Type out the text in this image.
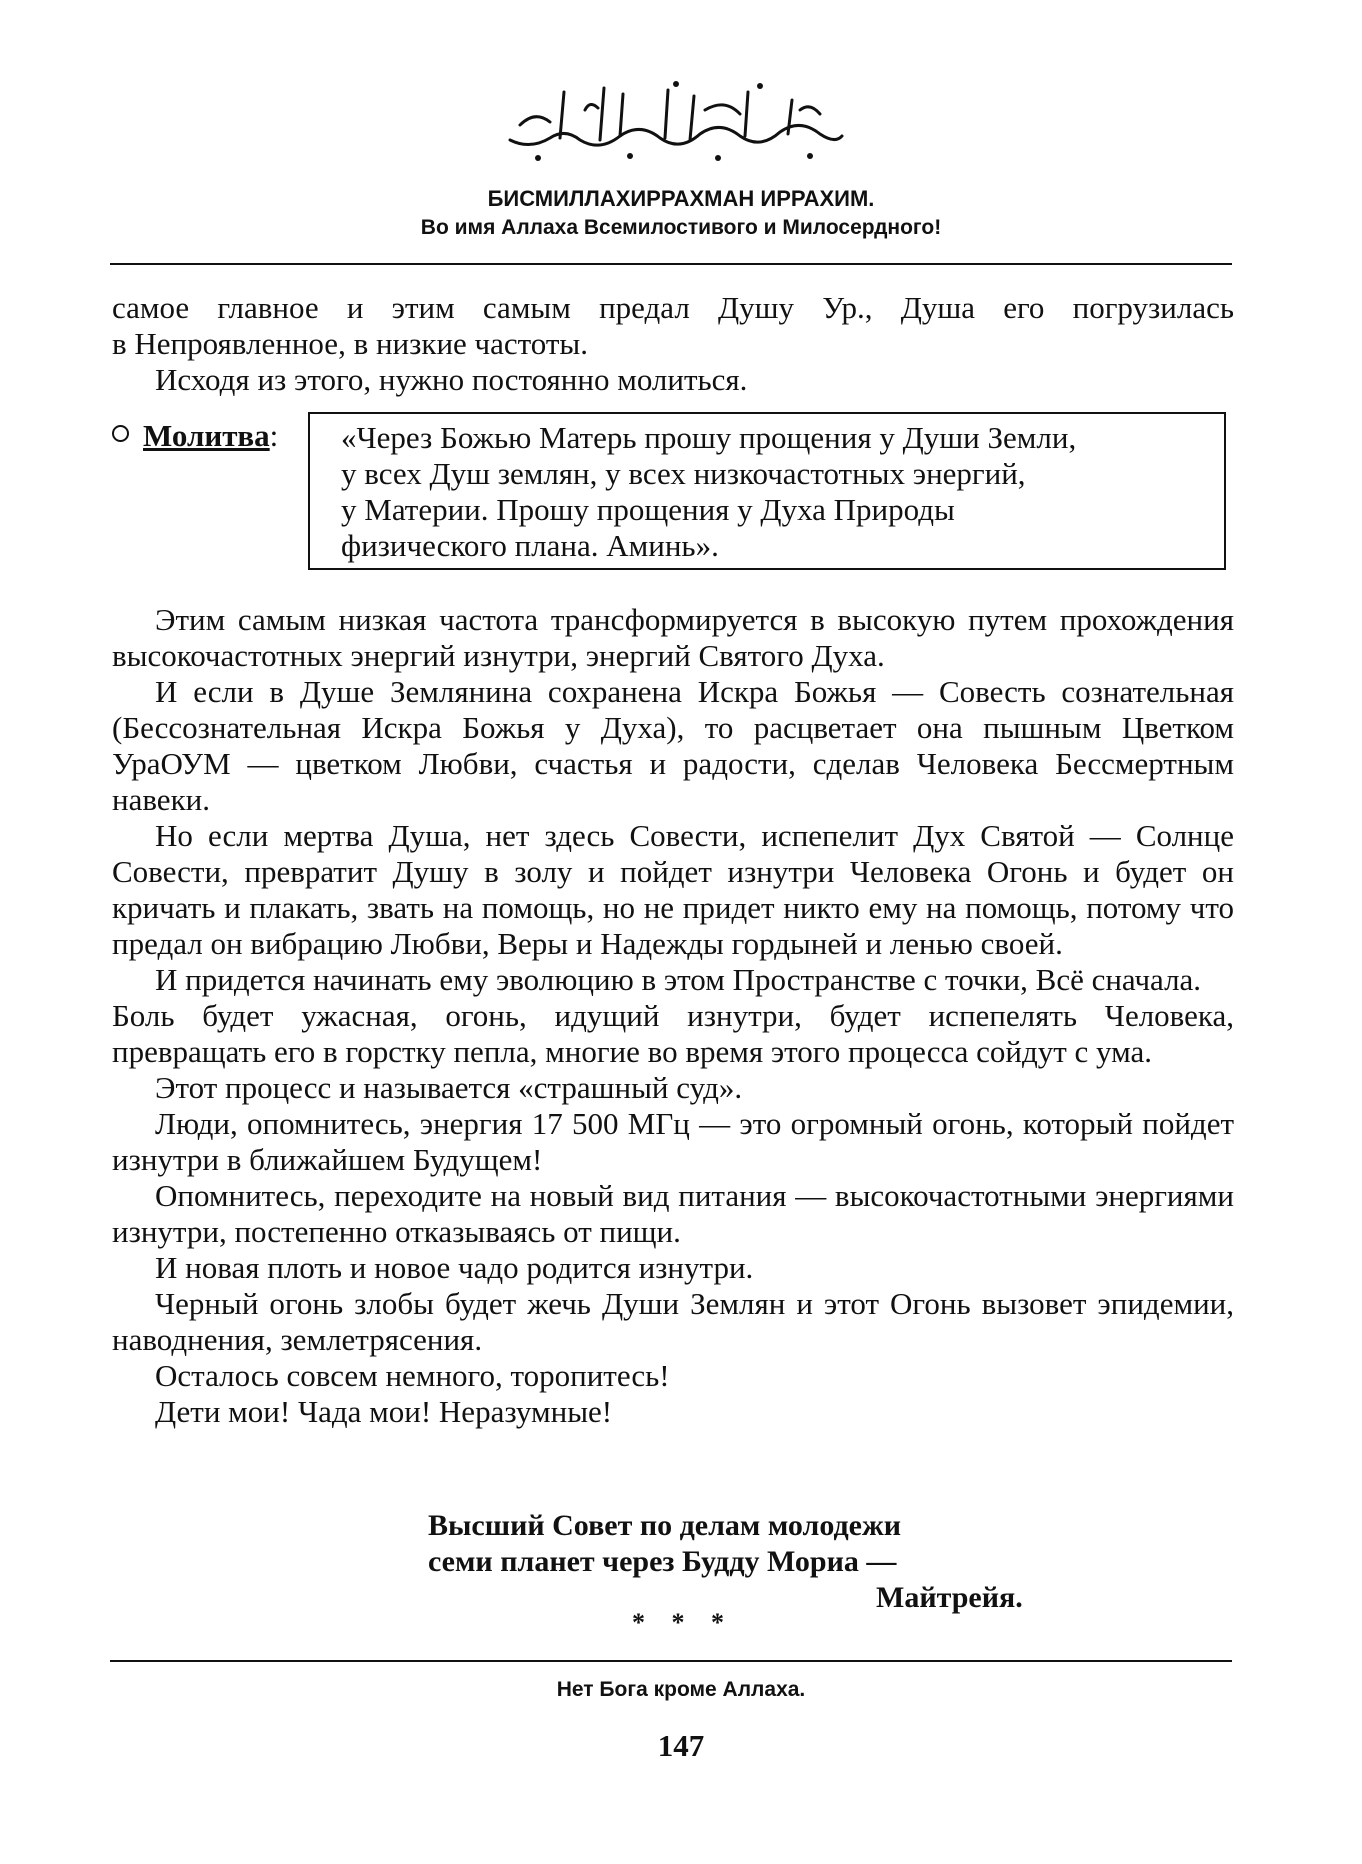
БИСМИЛЛАХИРРАХМАН ИРРАХИМ.
Во имя Аллаха Всемилостивого и Милосердного!

самое главное и этим самым предал Душу Ур., Душа его погрузилась

в Непроявленное, в низкие частоты.

Исходя из этого, нужно постоянно молиться.

Молитва: «Через Божью Матерь прошу прощения у Души Земли,

у всех Душ землян, у всех низкочастотных энергий,

у Материи. Прошу прощения у Духа Природы

физического плана. Аминь».

Этим самым низкая частота трансформируется в высокую путем прохождения высокочастотных энергий изнутри, энергий Святого Духа.

И если в Душе Землянина сохранена Искра Божья — Совесть сознательная (Бессознательная Искра Божья у Духа), то расцветает она пышным Цветком УраОУМ — цветком Любви, счастья и радости, сделав Человека Бессмертным навеки.

Но если мертва Душа, нет здесь Совести, испепелит Дух Святой — Солнце Совести, превратит Душу в золу и пойдет изнутри Человека Огонь и будет он кричать и плакать, звать на помощь, но не придет никто ему на помощь, потому что предал он вибрацию Любви, Веры и Надежды гордыней и ленью своей.

И придется начинать ему эволюцию в этом Пространстве с точки, Всё сначала.

Боль будет ужасная, огонь, идущий изнутри, будет испепелять Человека, превращать его в горстку пепла, многие во время этого процесса сойдут с ума.

Этот процесс и называется «страшный суд».

Люди, опомнитесь, энергия 17 500 МГц — это огромный огонь, который пойдет изнутри в ближайшем Будущем!

Опомнитесь, переходите на новый вид питания — высокочастотными энергиями изнутри, постепенно отказываясь от пищи.

И новая плоть и новое чадо родится изнутри.

Черный огонь злобы будет жечь Души Землян и этот Огонь вызовет эпидемии, наводнения, землетрясения.

Осталось совсем немного, торопитесь!

Дети мои! Чада мои! Неразумные!

Высший Совет по делам молодежи
семи планет через Будду Мориа —
Майтрейя.
* * *
Нет Бога кроме Аллаха.
147
